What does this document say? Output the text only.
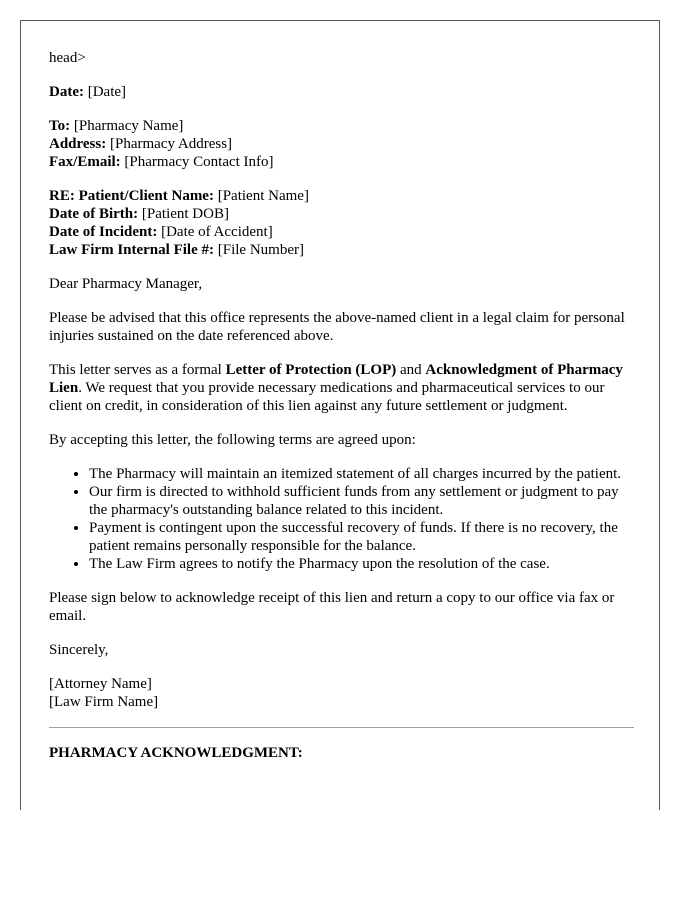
head>

Date: [Date]
To: [Pharmacy Name]
Address: [Pharmacy Address]
Fax/Email: [Pharmacy Contact Info]
RE: Patient/Client Name: [Patient Name]
Date of Birth: [Patient DOB]
Date of Incident: [Date of Accident]
Law Firm Internal File #: [File Number]

Dear Pharmacy Manager,

Please be advised that this office represents the above-named client in a legal claim for personal injuries sustained on the date referenced above.

This letter serves as a formal Letter of Protection (LOP) and Acknowledgment of Pharmacy Lien. We request that you provide necessary medications and pharmaceutical services to our client on credit, in consideration of this lien against any future settlement or judgment.

By accepting this letter, the following terms are agreed upon:

• The Pharmacy will maintain an itemized statement of all charges incurred by the patient.
• Our firm is directed to withhold sufficient funds from any settlement or judgment to pay the pharmacy's outstanding balance related to this incident.
• Payment is contingent upon the successful recovery of funds. If there is no recovery, the patient remains personally responsible for the balance.
• The Law Firm agrees to notify the Pharmacy upon the resolution of the case.

Please sign below to acknowledge receipt of this lien and return a copy to our office via fax or email.

Sincerely,

[Attorney Name]
[Law Firm Name]

PHARMACY ACKNOWLEDGMENT:
